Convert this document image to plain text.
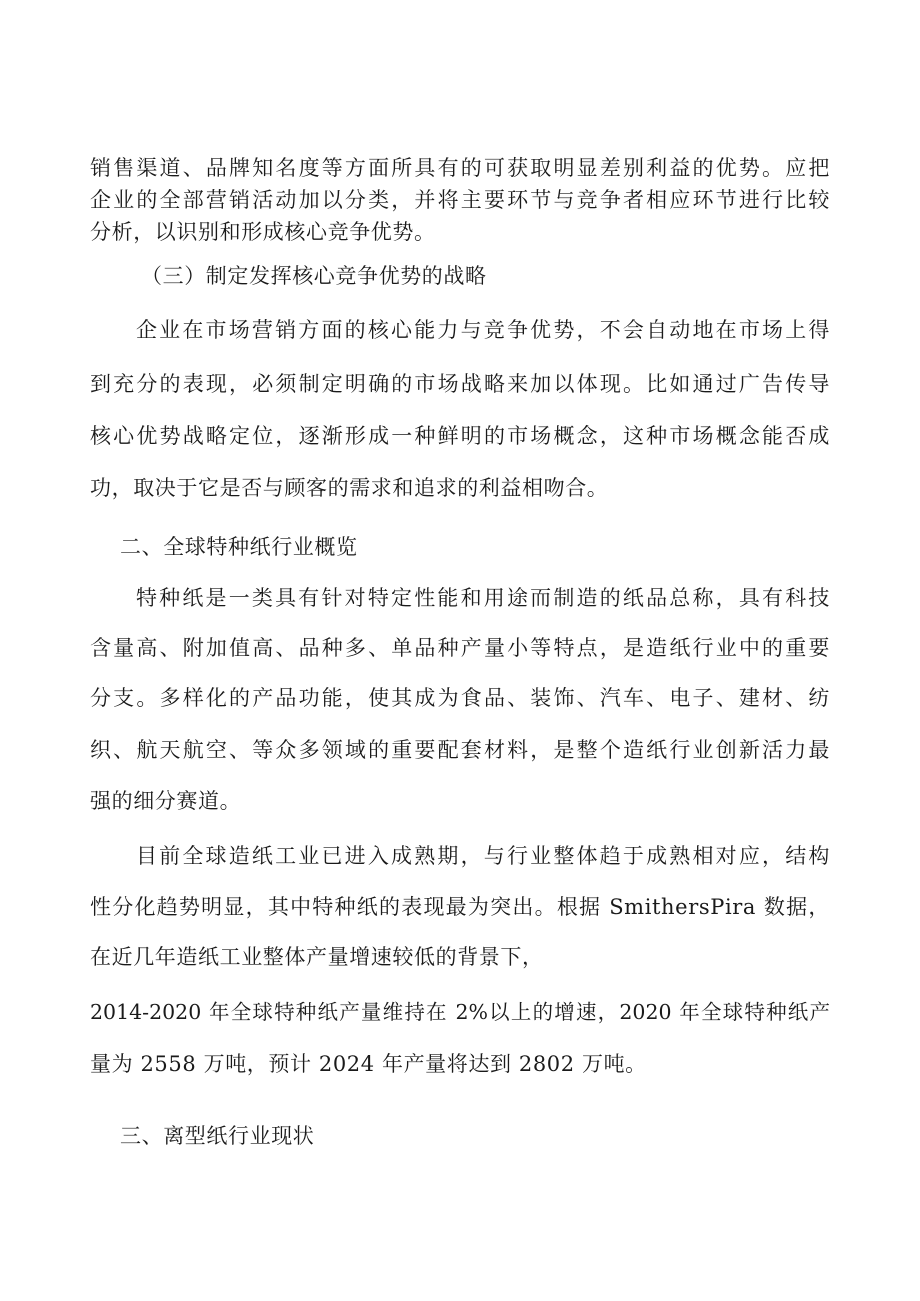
销售渠道、品牌知名度等方面所具有的可获取明显差别利益的优势。应把
企业的全部营销活动加以分类，并将主要环节与竞争者相应环节进行比较
分析，以识别和形成核心竞争优势。
（三）制定发挥核心竞争优势的战略
企业在市场营销方面的核心能力与竞争优势，不会自动地在市场上得
到充分的表现，必须制定明确的市场战略来加以体现。比如通过广告传导
核心优势战略定位，逐渐形成一种鲜明的市场概念，这种市场概念能否成
功，取决于它是否与顾客的需求和追求的利益相吻合。
二、全球特种纸行业概览
特种纸是一类具有针对特定性能和用途而制造的纸品总称，具有科技
含量高、附加值高、品种多、单品种产量小等特点，是造纸行业中的重要
分支。多样化的产品功能，使其成为食品、装饰、汽车、电子、建材、纺
织、航天航空、等众多领域的重要配套材料，是整个造纸行业创新活力最
强的细分赛道。
目前全球造纸工业已进入成熟期，与行业整体趋于成熟相对应，结构
性分化趋势明显，其中特种纸的表现最为突出。根据 SmithersPira 数据，
在近几年造纸工业整体产量增速较低的背景下，
2014-2020 年全球特种纸产量维持在 2%以上的增速，2020 年全球特种纸产
量为 2558 万吨，预计 2024 年产量将达到 2802 万吨。
三、离型纸行业现状
